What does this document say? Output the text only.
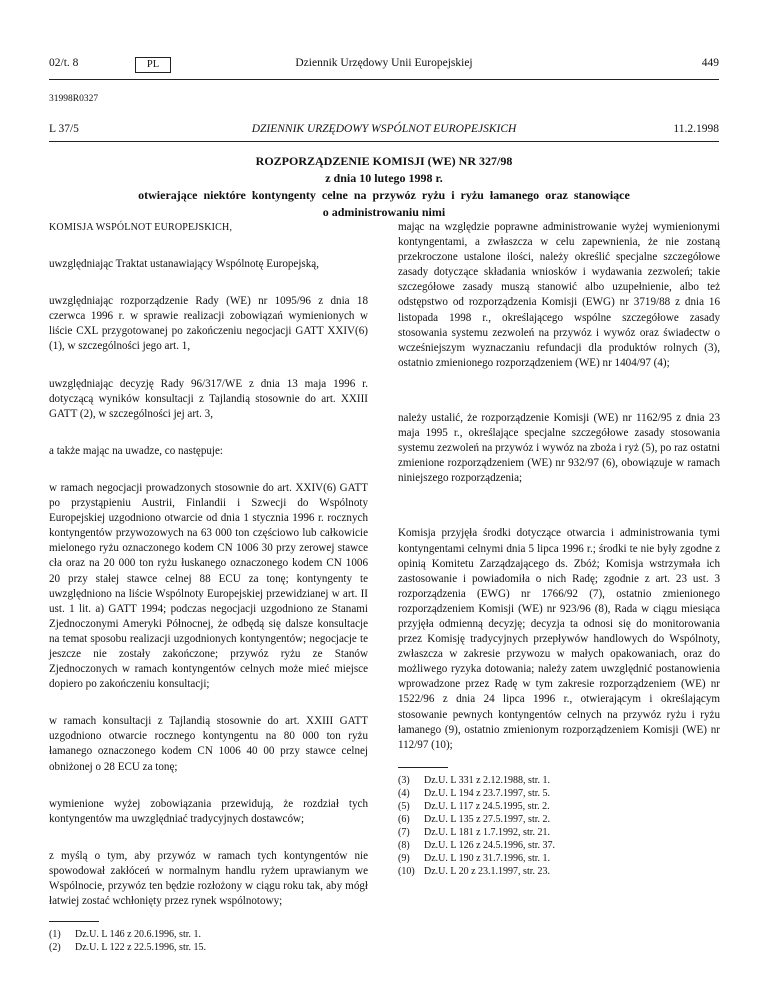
02/t. 8	PL	Dziennik Urzędowy Unii Europejskiej	449
31998R0327
L 37/5	DZIENNIK URZĘDOWY WSPÓLNOT EUROPEJSKICH	11.2.1998
ROZPORZĄDZENIE KOMISJI (WE) NR 327/98
z dnia 10 lutego 1998 r.
otwierające niektóre kontyngenty celne na przywóz ryżu i ryżu łamanego oraz stanowiące
o administrowaniu nimi

KOMISJA WSPÓLNOT EUROPEJSKICH,

uwzględniając Traktat ustanawiający Wspólnotę Europejską,

uwzględniając rozporządzenie Rady (WE) nr 1095/96 z dnia 18 czerwca 1996 r. w sprawie realizacji zobowiązań wymienionych w liście CXL przygotowanej po zakończeniu negocjacji GATT XXIV(6) (1), w szczególności jego art. 1,

uwzględniając decyzję Rady 96/317/WE z dnia 13 maja 1996 r. dotyczącą wyników konsultacji z Tajlandią stosownie do art. XXIII GATT (2), w szczególności jej art. 3,

a także mając na uwadze, co następuje:

w ramach negocjacji prowadzonych stosownie do art. XXIV(6) GATT po przystąpieniu Austrii, Finlandii i Szwecji do Wspólnoty Europejskiej uzgodniono otwarcie od dnia 1 stycznia 1996 r. rocznych kontyngentów przywozowych na 63 000 ton częściowo lub całkowicie mielonego ryżu oznaczonego kodem CN 1006 30 przy zerowej stawce cła oraz na 20 000 ton ryżu łuskanego oznaczonego kodem CN 1006 20 przy stałej stawce celnej 88 ECU za tonę; kontyngenty te uwzględniono na liście Wspólnoty Europejskiej przewidzianej w art. II ust. 1 lit. a) GATT 1994; podczas negocjacji uzgodniono ze Stanami Zjednoczonymi Ameryki Północnej, że odbędą się dalsze konsultacje na temat sposobu realizacji uzgodnionych kontyngentów; negocjacje te jeszcze nie zostały zakończone; przywóz ryżu ze Stanów Zjednoczonych w ramach kontyngentów celnych może mieć miejsce dopiero po zakończeniu konsultacji;

w ramach konsultacji z Tajlandią stosownie do art. XXIII GATT uzgodniono otwarcie rocznego kontyngentu na 80 000 ton ryżu łamanego oznaczonego kodem CN 1006 40 00 przy stawce celnej obniżonej o 28 ECU za tonę;

wymienione wyżej zobowiązania przewidują, że rozdział tych kontyngentów ma uwzględniać tradycyjnych dostawców;

z myślą o tym, aby przywóz w ramach tych kontyngentów nie spowodował zakłóceń w normalnym handlu ryżem uprawianym we Wspólnocie, przywóz ten będzie rozłożony w ciągu roku tak, aby mógł łatwiej zostać wchłonięty przez rynek wspólnotowy;

(1)	Dz.U. L 146 z 20.6.1996, str. 1.
(2)	Dz.U. L 122 z 22.5.1996, str. 15.

mając na względzie poprawne administrowanie wyżej wymienionymi kontyngentami, a zwłaszcza w celu zapewnienia, że nie zostaną przekroczone ustalone ilości, należy określić specjalne szczegółowe zasady dotyczące składania wniosków i wydawania zezwoleń; takie szczegółowe zasady muszą stanowić albo uzupełnienie, albo też odstępstwo od rozporządzenia Komisji (EWG) nr 3719/88 z dnia 16 listopada 1998 r., określającego wspólne szczegółowe zasady stosowania systemu zezwoleń na przywóz i wywóz oraz świadectw o wcześniejszym wyznaczaniu refundacji dla produktów rolnych (3), ostatnio zmienionego rozporządzeniem (WE) nr 1404/97 (4);

należy ustalić, że rozporządzenie Komisji (WE) nr 1162/95 z dnia 23 maja 1995 r., określające specjalne szczegółowe zasady stosowania systemu zezwoleń na przywóz i wywóz na zboża i ryż (5), po raz ostatni zmienione rozporządzeniem (WE) nr 932/97 (6), obowiązuje w ramach niniejszego rozporządzenia;

Komisja przyjęła środki dotyczące otwarcia i administrowania tymi kontyngentami celnymi dnia 5 lipca 1996 r.; środki te nie były zgodne z opinią Komitetu Zarządzającego ds. Zbóż; Komisja wstrzymała ich zastosowanie i powiadomiła o nich Radę; zgodnie z art. 23 ust. 3 rozporządzenia (EWG) nr 1766/92 (7), ostatnio zmienionego rozporządzeniem Komisji (WE) nr 923/96 (8), Rada w ciągu miesiąca przyjęła odmienną decyzję; decyzja ta odnosi się do monitorowania przez Komisję tradycyjnych przepływów handlowych do Wspólnoty, zwłaszcza w zakresie przywozu w małych opakowaniach, oraz do możliwego ryzyka dotowania; należy zatem uwzględnić postanowienia wprowadzone przez Radę w tym zakresie rozporządzeniem (WE) nr 1522/96 z dnia 24 lipca 1996 r., otwierającym i określającym stosowanie pewnych kontyngentów celnych na przywóz ryżu i ryżu łamanego (9), ostatnio zmienionym rozporządzeniem Komisji (WE) nr 112/97 (10);

(3)	Dz.U. L 331 z 2.12.1988, str. 1.
(4)	Dz.U. L 194 z 23.7.1997, str. 5.
(5)	Dz.U. L 117 z 24.5.1995, str. 2.
(6)	Dz.U. L 135 z 27.5.1997, str. 2.
(7)	Dz.U. L 181 z 1.7.1992, str. 21.
(8)	Dz.U. L 126 z 24.5.1996, str. 37.
(9)	Dz.U. L 190 z 31.7.1996, str. 1.
(10) Dz.U. L 20 z 23.1.1997, str. 23.
